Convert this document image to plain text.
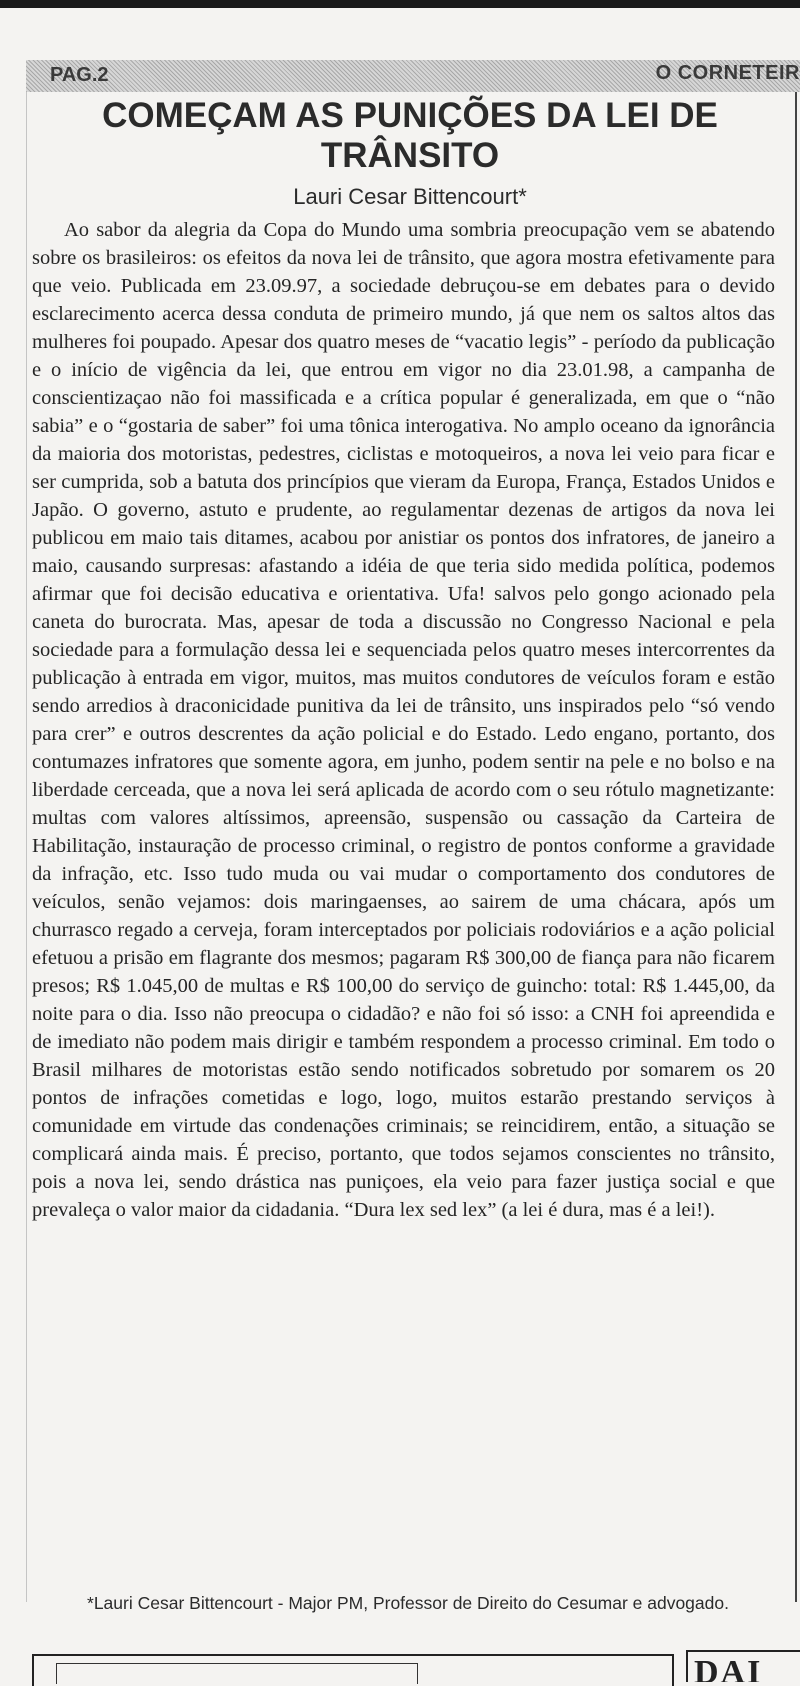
PAG.2	O CORNETEIR
COMEÇAM AS PUNIÇÕES DA LEI DE TRÂNSITO

Lauri Cesar Bittencourt*

Ao sabor da alegria da Copa do Mundo uma sombria preocupação vem se abatendo sobre os brasileiros: os efeitos da nova lei de trânsito, que agora mostra efetivamente para que veio. Publicada em 23.09.97, a sociedade debruçou-se em debates para o devido esclarecimento acerca dessa conduta de primeiro mundo, já que nem os saltos altos das mulheres foi poupado. Apesar dos quatro meses de “vacatio legis” - período da publicação e o início de vigência da lei, que entrou em vigor no dia 23.01.98, a campanha de conscientizaçao não foi massificada e a crítica popular é generalizada, em que o “não sabia” e o “gostaria de saber” foi uma tônica interogativa. No amplo oceano da ignorância da maioria dos motoristas, pedestres, ciclistas e motoqueiros, a nova lei veio para ficar e ser cumprida, sob a batuta dos princípios que vieram da Europa, França, Estados Unidos e Japão. O governo, astuto e prudente, ao regulamentar dezenas de artigos da nova lei publicou em maio tais ditames, acabou por anistiar os pontos dos infratores, de janeiro a maio, causando surpresas: afastando a idéia de que teria sido medida política, podemos afirmar que foi decisão educativa e orientativa. Ufa! salvos pelo gongo acionado pela caneta do burocrata. Mas, apesar de toda a discussão no Congresso Nacional e pela sociedade para a formulação dessa lei e sequenciada pelos quatro meses intercorrentes da publicação à entrada em vigor, muitos, mas muitos condutores de veículos foram e estão sendo arredios à draconicidade punitiva da lei de trânsito, uns inspirados pelo “só vendo para crer” e outros descrentes da ação policial e do Estado. Ledo engano, portanto, dos contumazes infratores que somente agora, em junho, podem sentir na pele e no bolso e na liberdade cerceada, que a nova lei será aplicada de acordo com o seu rótulo magnetizante: multas com valores altíssimos, apreensão, suspensão ou cassação da Carteira de Habilitação, instauração de processo criminal, o registro de pontos conforme a gravidade da infração, etc. Isso tudo muda ou vai mudar o comportamento dos condutores de veículos, senão vejamos: dois maringaenses, ao sairem de uma chácara, após um churrasco regado a cerveja, foram interceptados por policiais rodoviários e a ação policial efetuou a prisão em flagrante dos mesmos; pagaram R$ 300,00 de fiança para não ficarem presos; R$ 1.045,00 de multas e R$ 100,00 do serviço de guincho: total: R$ 1.445,00, da noite para o dia. Isso não preocupa o cidadão? e não foi só isso: a CNH foi apreendida e de imediato não podem mais dirigir e também respondem a processo criminal. Em todo o Brasil milhares de motoristas estão sendo notificados sobretudo por somarem os 20 pontos de infrações cometidas e logo, logo, muitos estarão prestando serviços à comunidade em virtude das condenações criminais; se reincidirem, então, a situação se complicará ainda mais. É preciso, portanto, que todos sejamos conscientes no trânsito, pois a nova lei, sendo drástica nas puniçoes, ela veio para fazer justiça social e que prevaleça o valor maior da cidadania. “Dura lex sed lex” (a lei é dura, mas é a lei!).

*Lauri Cesar Bittencourt - Major PM, Professor de Direito do Cesumar e advogado.

DAI
